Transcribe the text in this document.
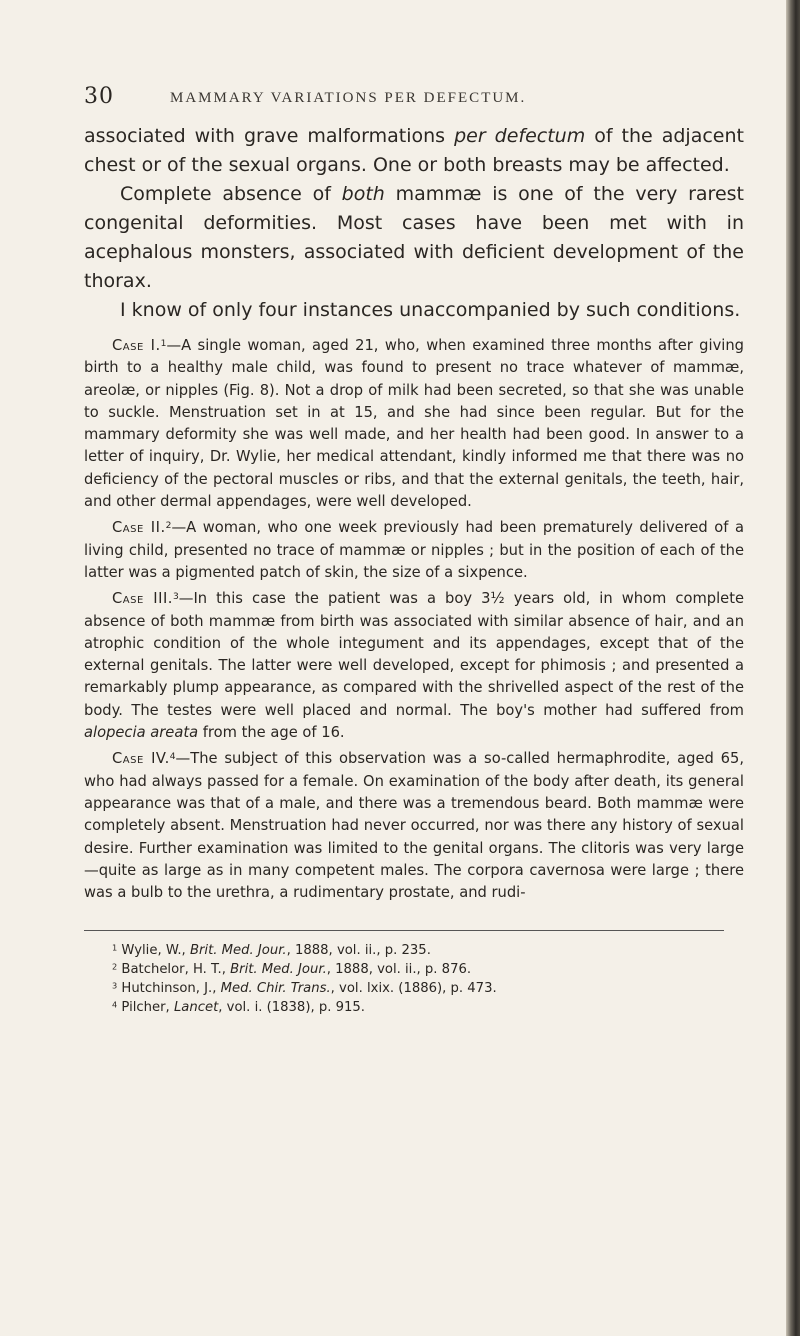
30	MAMMARY VARIATIONS PER DEFECTUM.

associated with grave malformations per defectum of the adjacent chest or of the sexual organs. One or both breasts may be affected.

Complete absence of both mammæ is one of the very rarest congenital deformities. Most cases have been met with in acephalous monsters, associated with deficient development of the thorax.

I know of only four instances unaccompanied by such conditions.

Case I.$^1$—A single woman, aged 21, who, when examined three months after giving birth to a healthy male child, was found to present no trace whatever of mammæ, areolæ, or nipples (Fig. 8). Not a drop of milk had been secreted, so that she was unable to suckle. Menstruation set in at 15, and she had since been regular. But for the mammary deformity she was well made, and her health had been good. In answer to a letter of inquiry, Dr. Wylie, her medical attendant, kindly informed me that there was no deficiency of the pectoral muscles or ribs, and that the external genitals, the teeth, hair, and other dermal appendages, were well developed.

Case II.$^2$—A woman, who one week previously had been prematurely delivered of a living child, presented no trace of mammæ or nipples ; but in the position of each of the latter was a pigmented patch of skin, the size of a sixpence.

Case III.$^3$—In this case the patient was a boy 3½ years old, in whom complete absence of both mammæ from birth was associated with similar absence of hair, and an atrophic condition of the whole integument and its appendages, except that of the external genitals. The latter were well developed, except for phimosis ; and presented a remarkably plump appearance, as compared with the shrivelled aspect of the rest of the body. The testes were well placed and normal. The boy's mother had suffered from alopecia areata from the age of 16.

Case IV.$^4$—The subject of this observation was a so-called hermaphrodite, aged 65, who had always passed for a female. On examination of the body after death, its general appearance was that of a male, and there was a tremendous beard. Both mammæ were completely absent. Menstruation had never occurred, nor was there any history of sexual desire. Further examination was limited to the genital organs. The clitoris was very large—quite as large as in many competent males. The corpora cavernosa were large ; there was a bulb to the urethra, a rudimentary prostate, and rudi-

$^1$ Wylie, W., Brit. Med. Jour., 1888, vol. ii., p. 235.
$^2$ Batchelor, H. T., Brit. Med. Jour., 1888, vol. ii., p. 876.
$^3$ Hutchinson, J., Med. Chir. Trans., vol. lxix. (1886), p. 473.
$^4$ Pilcher, Lancet, vol. i. (1838), p. 915.
